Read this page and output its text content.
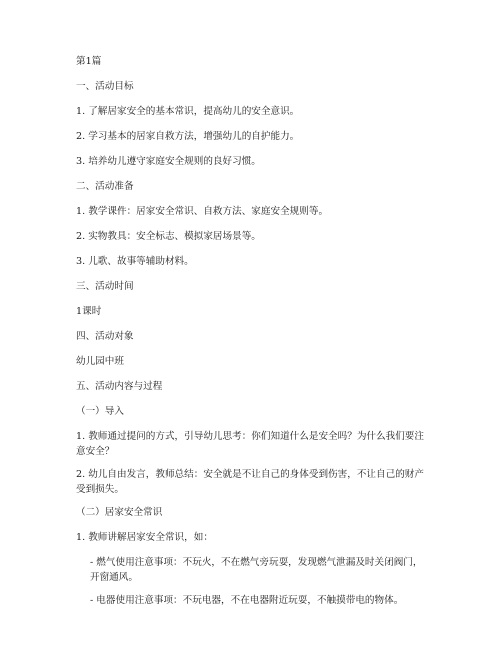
第1篇

一、活动目标

1. 了解居家安全的基本常识，提高幼儿的安全意识。

2. 学习基本的居家自救方法，增强幼儿的自护能力。

3. 培养幼儿遵守家庭安全规则的良好习惯。

二、活动准备

1. 教学课件：居家安全常识、自救方法、家庭安全规则等。

2. 实物教具：安全标志、模拟家居场景等。

3. 儿歌、故事等辅助材料。

三、活动时间

1课时

四、活动对象

幼儿园中班

五、活动内容与过程

（一）导入

1. 教师通过提问的方式，引导幼儿思考：你们知道什么是安全吗？为什么我们要注意安全？

2. 幼儿自由发言，教师总结：安全就是不让自己的身体受到伤害，不让自己的财产受到损失。

（二）居家安全常识

1. 教师讲解居家安全常识，如：

- 燃气使用注意事项：不玩火，不在燃气旁玩耍，发现燃气泄漏及时关闭阀门，开窗通风。

- 电器使用注意事项：不玩电器，不在电器附近玩耍，不触摸带电的物体。
